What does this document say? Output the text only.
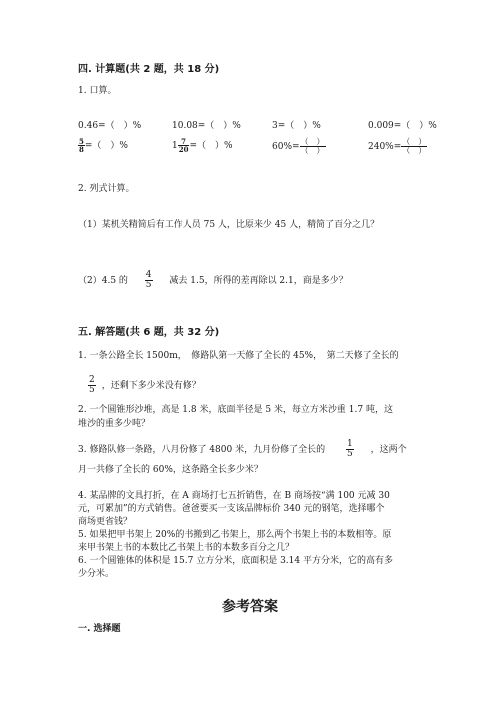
四. 计算题(共 2 题，共 18 分)
1. 口算。
0.46=（　）%	10.08=（　）%	3=（　）%	0.009=（　）%
$\frac{5}{8}$ =（　）%	$1 \frac{7}{20}$ =（　）%	$60\%= \frac{( )}{( )}$	$240\%= \frac{( )}{( )}$
2. 列式计算。
（1）某机关精简后有工作人员 75 人，比原来少 45 人，精简了百分之几？
（2）4.5 的 $\frac{4}{5}$ 减去 1.5，所得的差再除以 2.1，商是多少？
五. 解答题(共 6 题，共 32 分)
1. 一条公路全长 1500m，　修路队第一天修了全长的 45%，　第二天修了全长的
$\frac{2}{5}$ ，还剩下多少米没有修？
2. 一个圆锥形沙堆，高是 1.8 米，底面半径是 5 米，每立方米沙重 1.7 吨，这
堆沙的重多少吨？
3. 修路队修一条路，八月份修了 4800 米，九月份修了全长的 $\frac{1}{5}$ ，这两个
月一共修了全长的 60%，这条路全长多少米？
4. 某品牌的文具打折，在 A 商场打七五折销售，在 B 商场按“满 100 元减 30
元，可累加”的方式销售。爸爸要买一支该品牌标价 340 元的钢笔，选择哪个
商场更省钱？
5. 如果把甲书架上 20%的书搬到乙书架上，那么两个书架上书的本数相等。原
来甲书架上书的本数比乙书架上书的本数多百分之几？
6. 一个圆锥体的体积是 15.7 立方分米，底面积是 3.14 平方分米，它的高有多
少分米。
参考答案
一. 选择题
